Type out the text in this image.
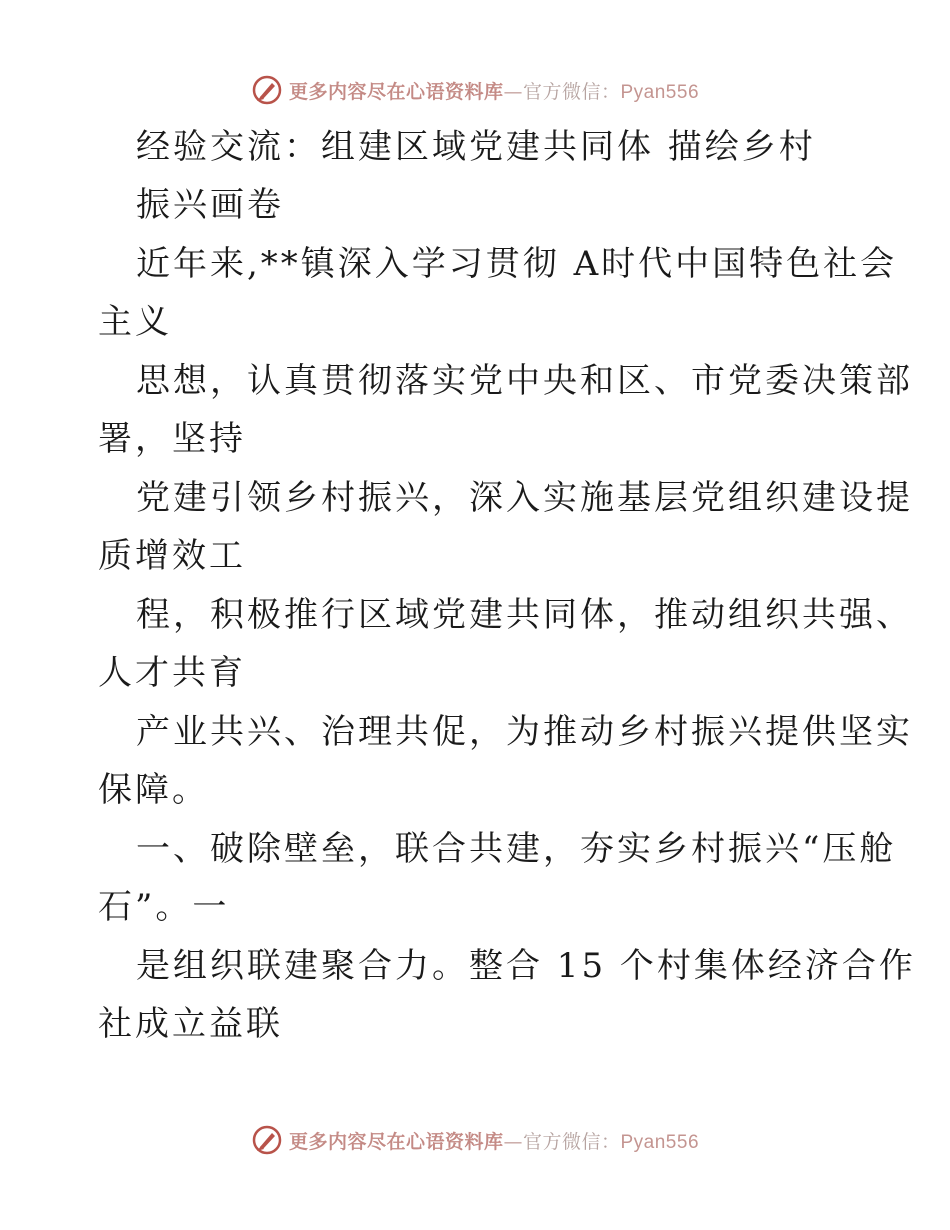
更多内容尽在心语资料库—官方微信：Pyan556
经验交流：组建区域党建共同体 描绘乡村
振兴画卷
近年来,**镇深入学习贯彻 A时代中国特色社会
主义
思想，认真贯彻落实党中央和区、市党委决策部
署，坚持
党建引领乡村振兴，深入实施基层党组织建设提
质增效工
程，积极推行区域党建共同体，推动组织共强、
人才共育
产业共兴、治理共促，为推动乡村振兴提供坚实
保障。
一、破除壁垒，联合共建，夯实乡村振兴“压舱
石”。一
是组织联建聚合力。整合 15 个村集体经济合作
社成立益联
更多内容尽在心语资料库—官方微信：Pyan556
